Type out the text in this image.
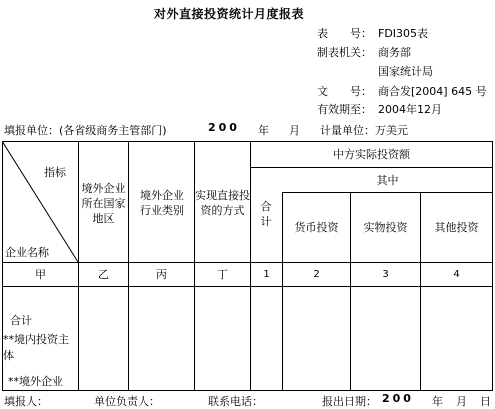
对外直接投资统计月度报表
表　　号： FDI305表
制表机关： 商务部
国家统计局
文　　号： 商合发[2004] 645 号
有效期至： 2004年12月
填报单位：(各省级商务主管部门)	200 年 月 计量单位：万美元
指标
企业名称
境外企业所在国家地区
境外企业行业类别
实现直接投资的方式
中方实际投资额
其中
合计	货币投资	实物投资	其他投资
甲	乙	丙	丁	1	2	3	4
合计
**境内投资主体
**境外企业
填报人：	单位负责人：	联系电话：	报出日期： 200 年 月 日
